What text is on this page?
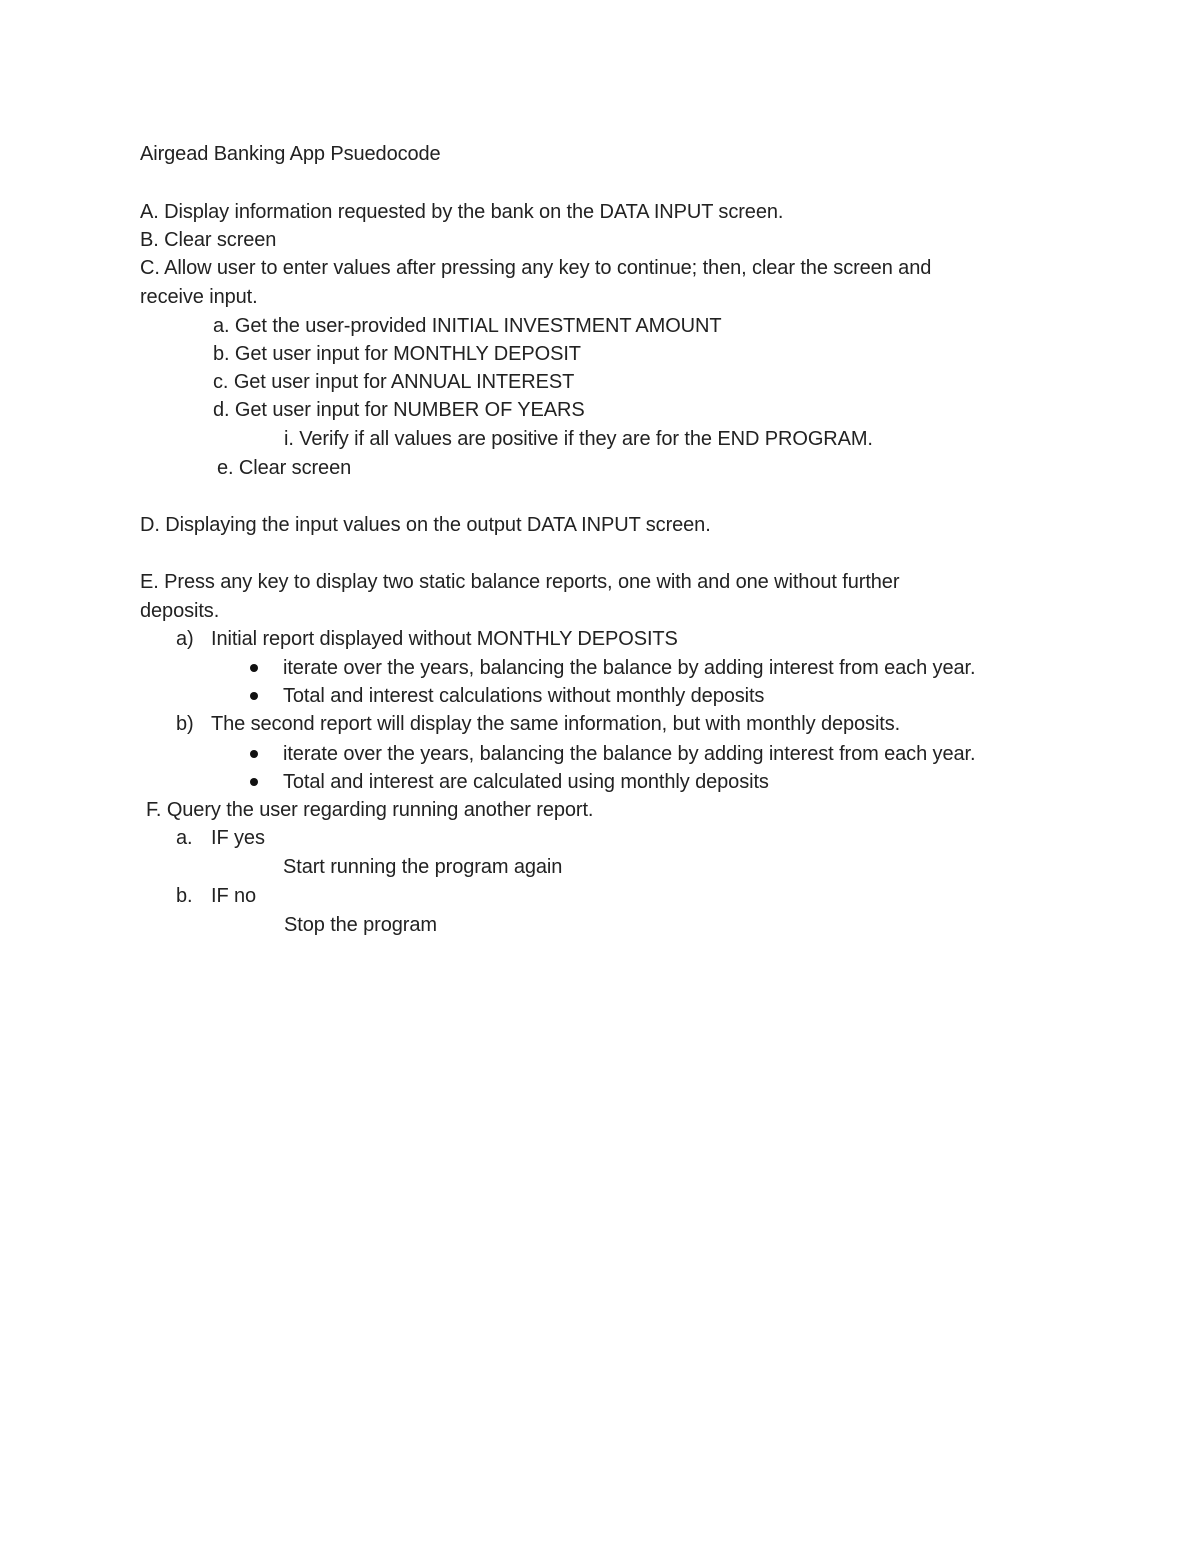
Airgead Banking App Psuedocode
A. Display information requested by the bank on the DATA INPUT screen.
B. Clear screen
C. Allow user to enter values after pressing any key to continue; then, clear the screen and
receive input.
a. Get the user-provided INITIAL INVESTMENT AMOUNT
b. Get user input for MONTHLY DEPOSIT
c. Get user input for ANNUAL INTEREST
d. Get user input for NUMBER OF YEARS
i. Verify if all values are positive if they are for the END PROGRAM.
e. Clear screen
D. Displaying the input values on the output DATA INPUT screen.
E. Press any key to display two static balance reports, one with and one without further
deposits.
a) Initial report displayed without MONTHLY DEPOSITS
iterate over the years, balancing the balance by adding interest from each year.
Total and interest calculations without monthly deposits
b) The second report will display the same information, but with monthly deposits.
iterate over the years, balancing the balance by adding interest from each year.
Total and interest are calculated using monthly deposits
F. Query the user regarding running another report.
a. IF yes
Start running the program again
b. IF no
Stop the program
